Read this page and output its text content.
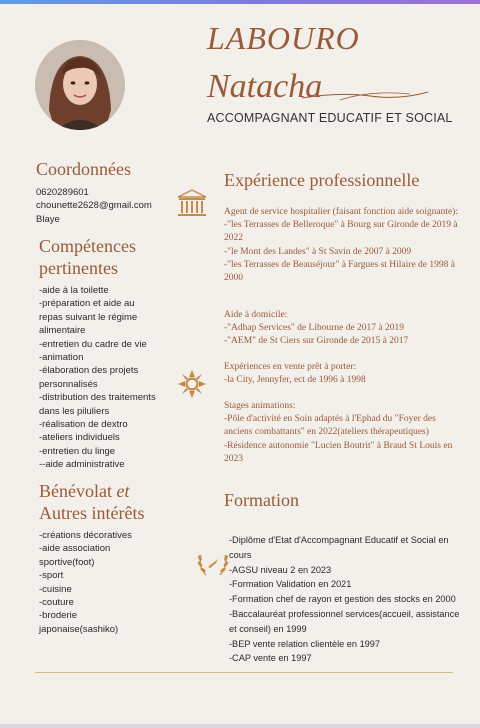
LABOURO
Natacha
ACCOMPAGNANT EDUCATIF ET SOCIAL
Coordonnées
0620289601
chounette2628@gmail.com
Blaye
Compétences
pertinentes
-aide à la toilette
-préparation et aide au repas suivant le régime alimentaire
-entretien du cadre de vie
-animation
-élaboration des projets personnalisés
-distribution des traitements dans les piluliers
-réalisation de dextro
-ateliers individuels
-entretien du linge
--aide administrative
Bénévolat et
Autres intérêts
-créations décoratives
-aide association sportive(foot)
-sport
-cuisine
-couture
-broderie japonaise(sashiko)
Expérience professionnelle
Agent de service hospitalier (faisant fonction aide soignante):
-"les Terrasses de Belleroque" à Bourg sur Gironde de 2019 à 2022
-"le Mont des Landes" à St Savin de 2007 à 2009
-"les Terrasses de Beauséjour" à Fargues st Hilaire de 1998 à 2000
Aide à domicile:
-"Adhap Services" de Libourne de 2017 à 2019
-"AEM" de St Ciers sur Gironde de 2015 à 2017
Expériences en vente prêt à porter:
-la City, Jennyfer, ect de 1996 à 1998
Stages animations:
-Pôle d'activité en Soin adaptés à l'Ephad du "Foyer des anciens combattants" en 2022(ateliers thérapeutiques)
-Résidence autonomie "Lucien Boutrit" à Braud St Louis en 2023
Formation
-Diplôme d'Etat d'Accompagnant Educatif et Social en cours
-AGSU niveau 2 en 2023
-Formation Validation en 2021
-Formation chef de rayon et gestion des stocks en 2000
-Baccalauréat professionnel services(accueil, assistance et conseil) en 1999
-BEP vente relation clientèle en 1997
-CAP vente en 1997
